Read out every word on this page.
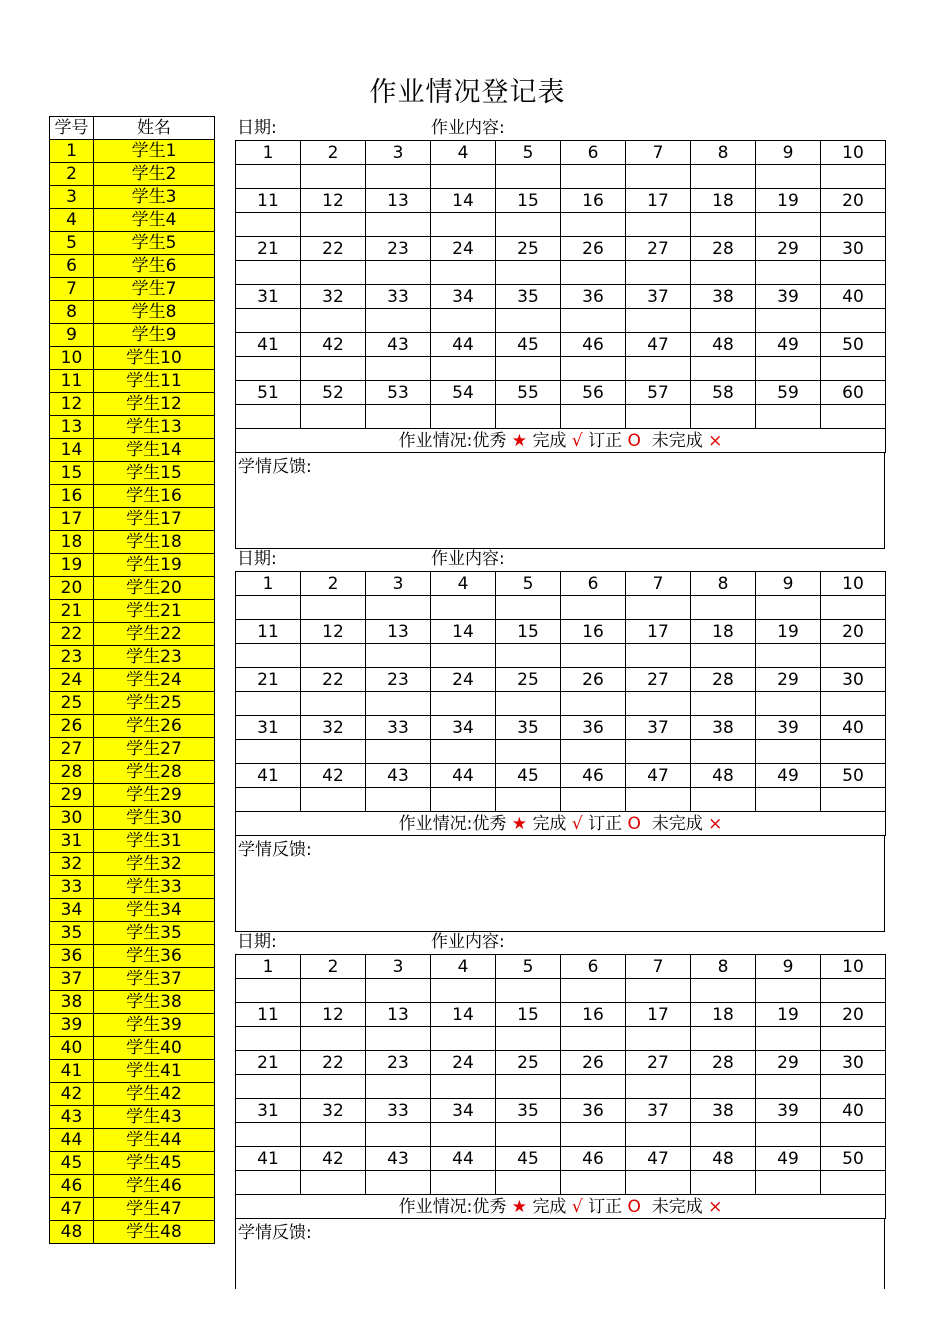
作业情况登记表
学号	姓名
1	学生1
2	学生2
3	学生3
4	学生4
5	学生5
6	学生6
7	学生7
8	学生8
9	学生9
10	学生10
11	学生11
12	学生12
13	学生13
14	学生14
15	学生15
16	学生16
17	学生17
18	学生18
19	学生19
20	学生20
21	学生21
22	学生22
23	学生23
24	学生24
25	学生25
26	学生26
27	学生27
28	学生28
29	学生29
30	学生30
31	学生31
32	学生32
33	学生33
34	学生34
35	学生35
36	学生36
37	学生37
38	学生38
39	学生39
40	学生40
41	学生41
42	学生42
43	学生43
44	学生44
45	学生45
46	学生46
47	学生47
48	学生48
日期:	作业内容:
1	2	3	4	5	6	7	8	9	10

11	12	13	14	15	16	17	18	19	20

21	22	23	24	25	26	27	28	29	30

31	32	33	34	35	36	37	38	39	40

41	42	43	44	45	46	47	48	49	50

51	52	53	54	55	56	57	58	59	60

作业情况:优秀 ★ 完成 √ 订正 O 未完成 ×									
学情反馈:
日期:	作业内容:
1	2	3	4	5	6	7	8	9	10

11	12	13	14	15	16	17	18	19	20

21	22	23	24	25	26	27	28	29	30

31	32	33	34	35	36	37	38	39	40

41	42	43	44	45	46	47	48	49	50

作业情况:优秀 ★ 完成 √ 订正 O 未完成 ×									
学情反馈:
日期:	作业内容:
1	2	3	4	5	6	7	8	9	10

11	12	13	14	15	16	17	18	19	20

21	22	23	24	25	26	27	28	29	30

31	32	33	34	35	36	37	38	39	40

41	42	43	44	45	46	47	48	49	50

作业情况:优秀 ★ 完成 √ 订正 O 未完成 ×									
学情反馈:
